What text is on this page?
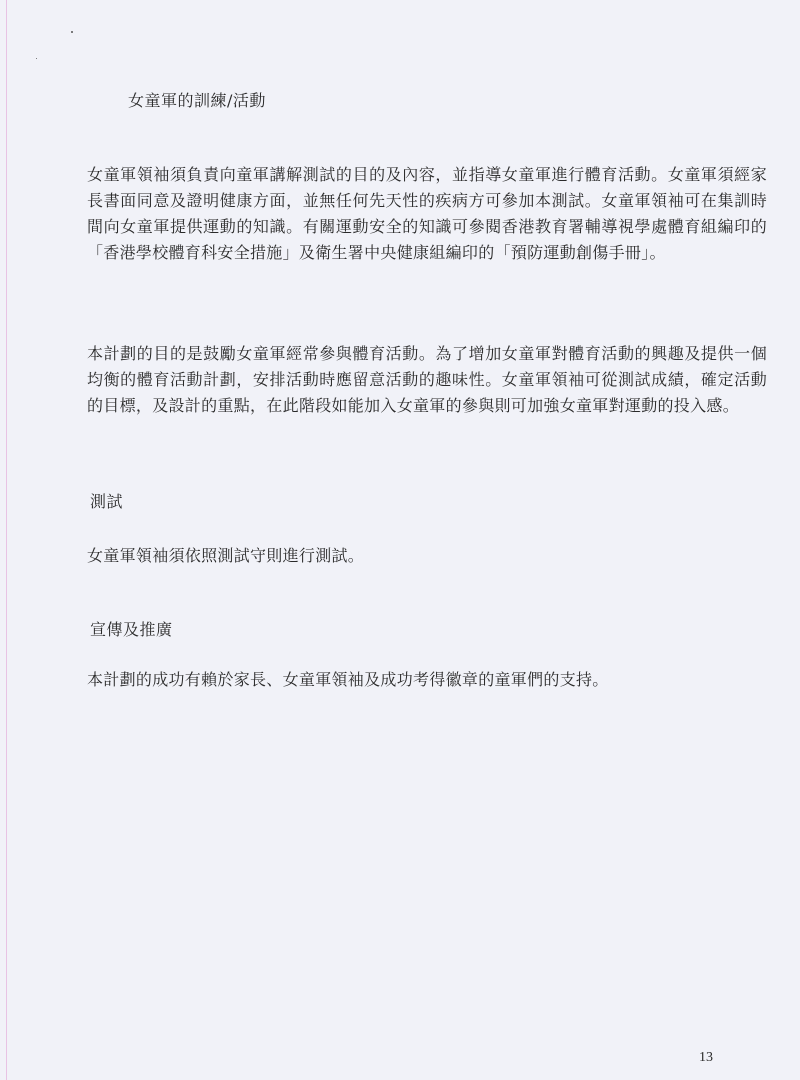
女童軍的訓練/活動
女童軍領袖須負責向童軍講解測試的目的及內容，並指導女童軍進行體育活動。女童軍須經家長書面同意及證明健康方面，並無任何先天性的疾病方可參加本測試。女童軍領袖可在集訓時間向女童軍提供運動的知識。有關運動安全的知識可參閱香港教育署輔導視學處體育組編印的「香港學校體育科安全措施」及衛生署中央健康組編印的「預防運動創傷手冊」。
本計劃的目的是鼓勵女童軍經常參與體育活動。為了增加女童軍對體育活動的興趣及提供一個均衡的體育活動計劃，安排活動時應留意活動的趣味性。女童軍領袖可從測試成績，確定活動的目標，及設計的重點，在此階段如能加入女童軍的參與則可加強女童軍對運動的投入感。
測試
女童軍領袖須依照測試守則進行測試。
宣傳及推廣
本計劃的成功有賴於家長、女童軍領袖及成功考得徽章的童軍們的支持。
13
